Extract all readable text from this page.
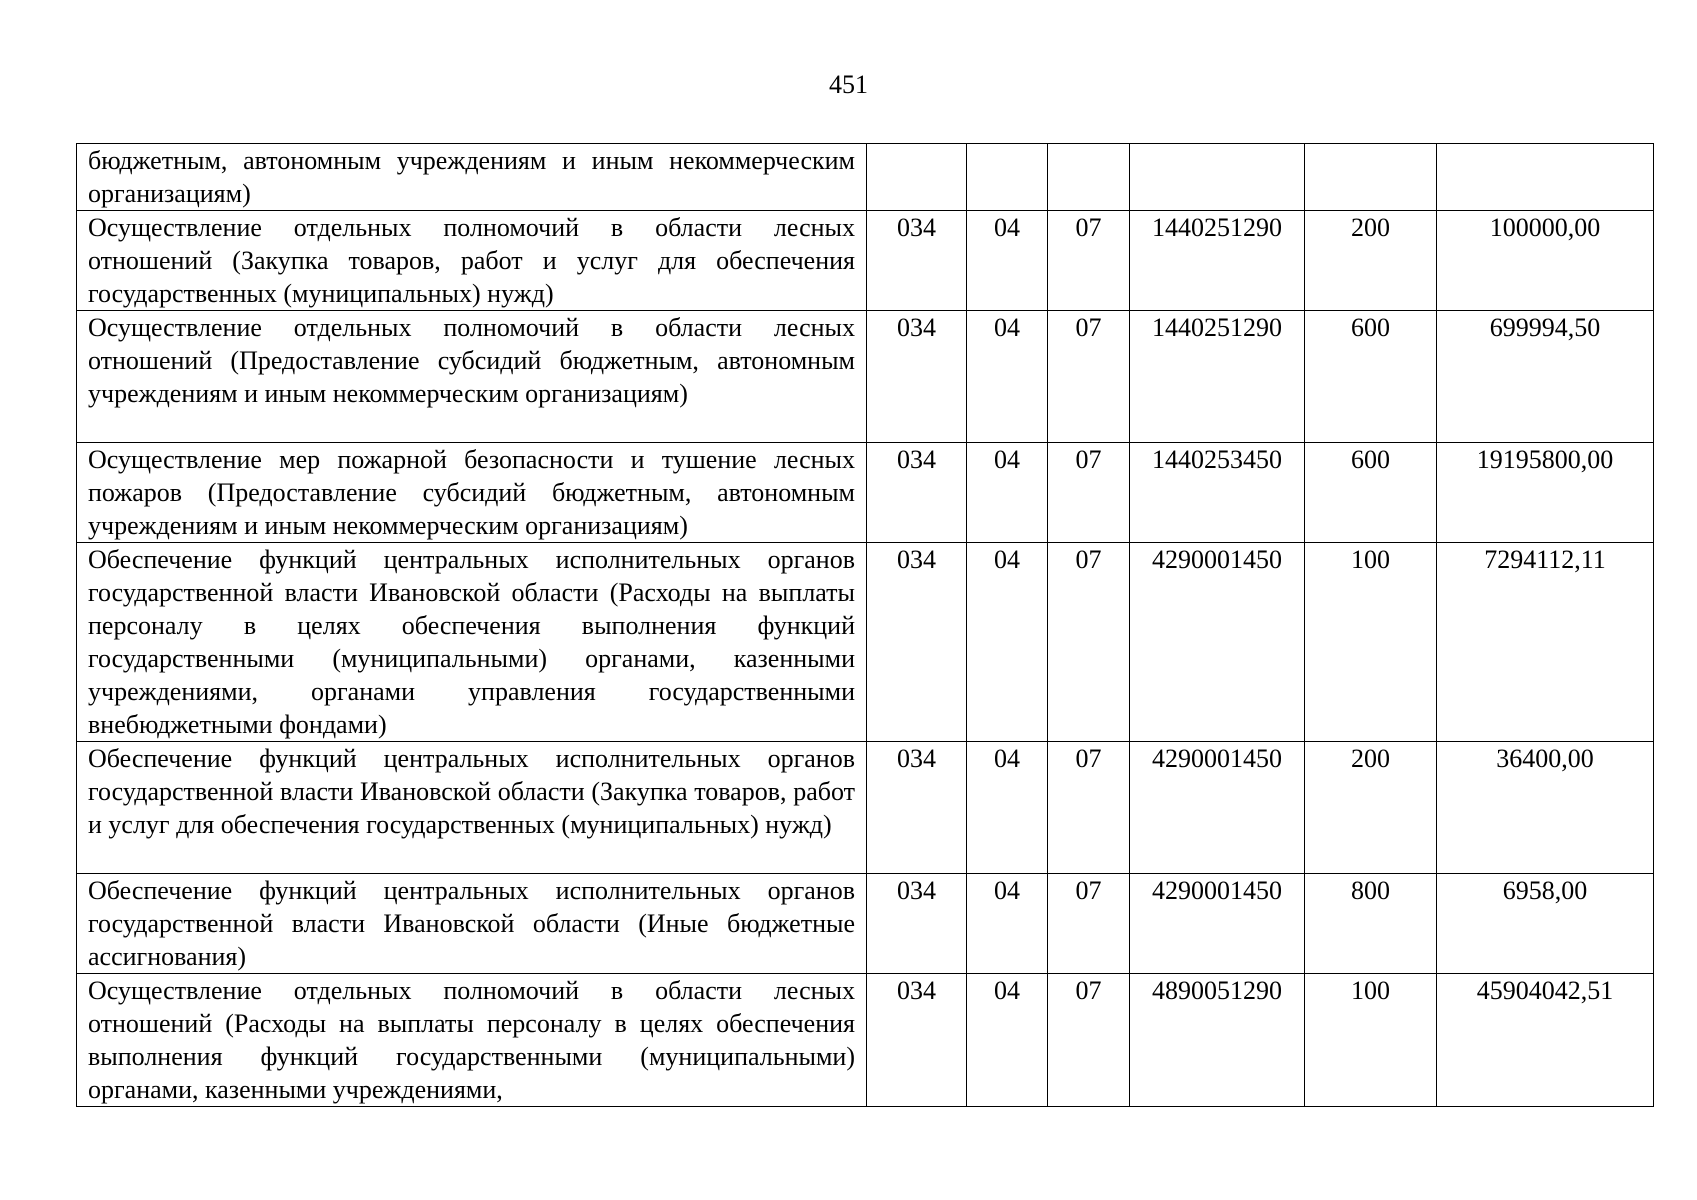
451
бюджетным, автономным учреждениям и иным некоммерческим организациям)						
Осуществление отдельных полномочий в области лесных отношений (Закупка товаров, работ и услуг для обеспечения государственных (муниципальных) нужд)	034	04	07	1440251290	200	100000,00
Осуществление отдельных полномочий в области лесных отношений (Предоставление субсидий бюджетным, автономным учреждениям и иным некоммерческим организациям)	034	04	07	1440251290	600	699994,50
Осуществление мер пожарной безопасности и тушение лесных пожаров (Предоставление субсидий бюджетным, автономным учреждениям и иным некоммерческим организациям)	034	04	07	1440253450	600	19195800,00
Обеспечение функций центральных исполнительных органов государственной власти Ивановской области (Расходы на выплаты персоналу в целях обеспечения выполнения функций государственными (муниципальными) органами, казенными учреждениями, органами управления государственными внебюджетными фондами)	034	04	07	4290001450	100	7294112,11
Обеспечение функций центральных исполнительных органов государственной власти Ивановской области (Закупка товаров, работ и услуг для обеспечения государственных (муниципальных) нужд)	034	04	07	4290001450	200	36400,00
Обеспечение функций центральных исполнительных органов государственной власти Ивановской области (Иные бюджетные ассигнования)	034	04	07	4290001450	800	6958,00
Осуществление отдельных полномочий в области лесных отношений (Расходы на выплаты персоналу в целях обеспечения выполнения функций государственными (муниципальными) органами, казенными учреждениями,	034	04	07	4890051290	100	45904042,51
